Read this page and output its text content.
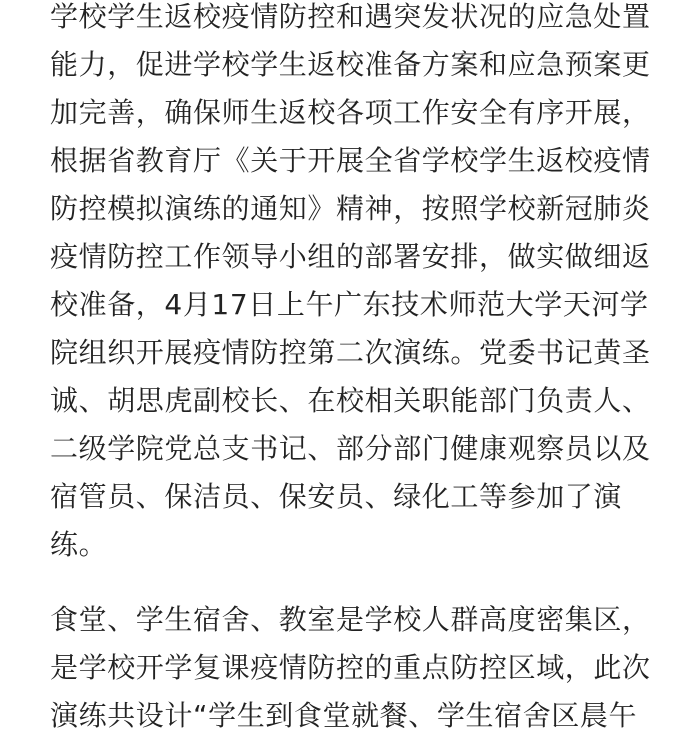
学校学生返校疫情防控和遇突发状况的应急处置
能力，促进学校学生返校准备方案和应急预案更
加完善，确保师生返校各项工作安全有序开展，
根据省教育厅《关于开展全省学校学生返校疫情
防控模拟演练的通知》精神，按照学校新冠肺炎
疫情防控工作领导小组的部署安排，做实做细返
校准备，4月17日上午广东技术师范大学天河学
院组织开展疫情防控第二次演练。党委书记黄圣
诚、胡思虎副校长、在校相关职能部门负责人、
二级学院党总支书记、部分部门健康观察员以及
宿管员、保洁员、保安员、绿化工等参加了演
练。
食堂、学生宿舍、教室是学校人群高度密集区，
是学校开学复课疫情防控的重点防控区域，此次
演练共设计“学生到食堂就餐、学生宿舍区晨午
